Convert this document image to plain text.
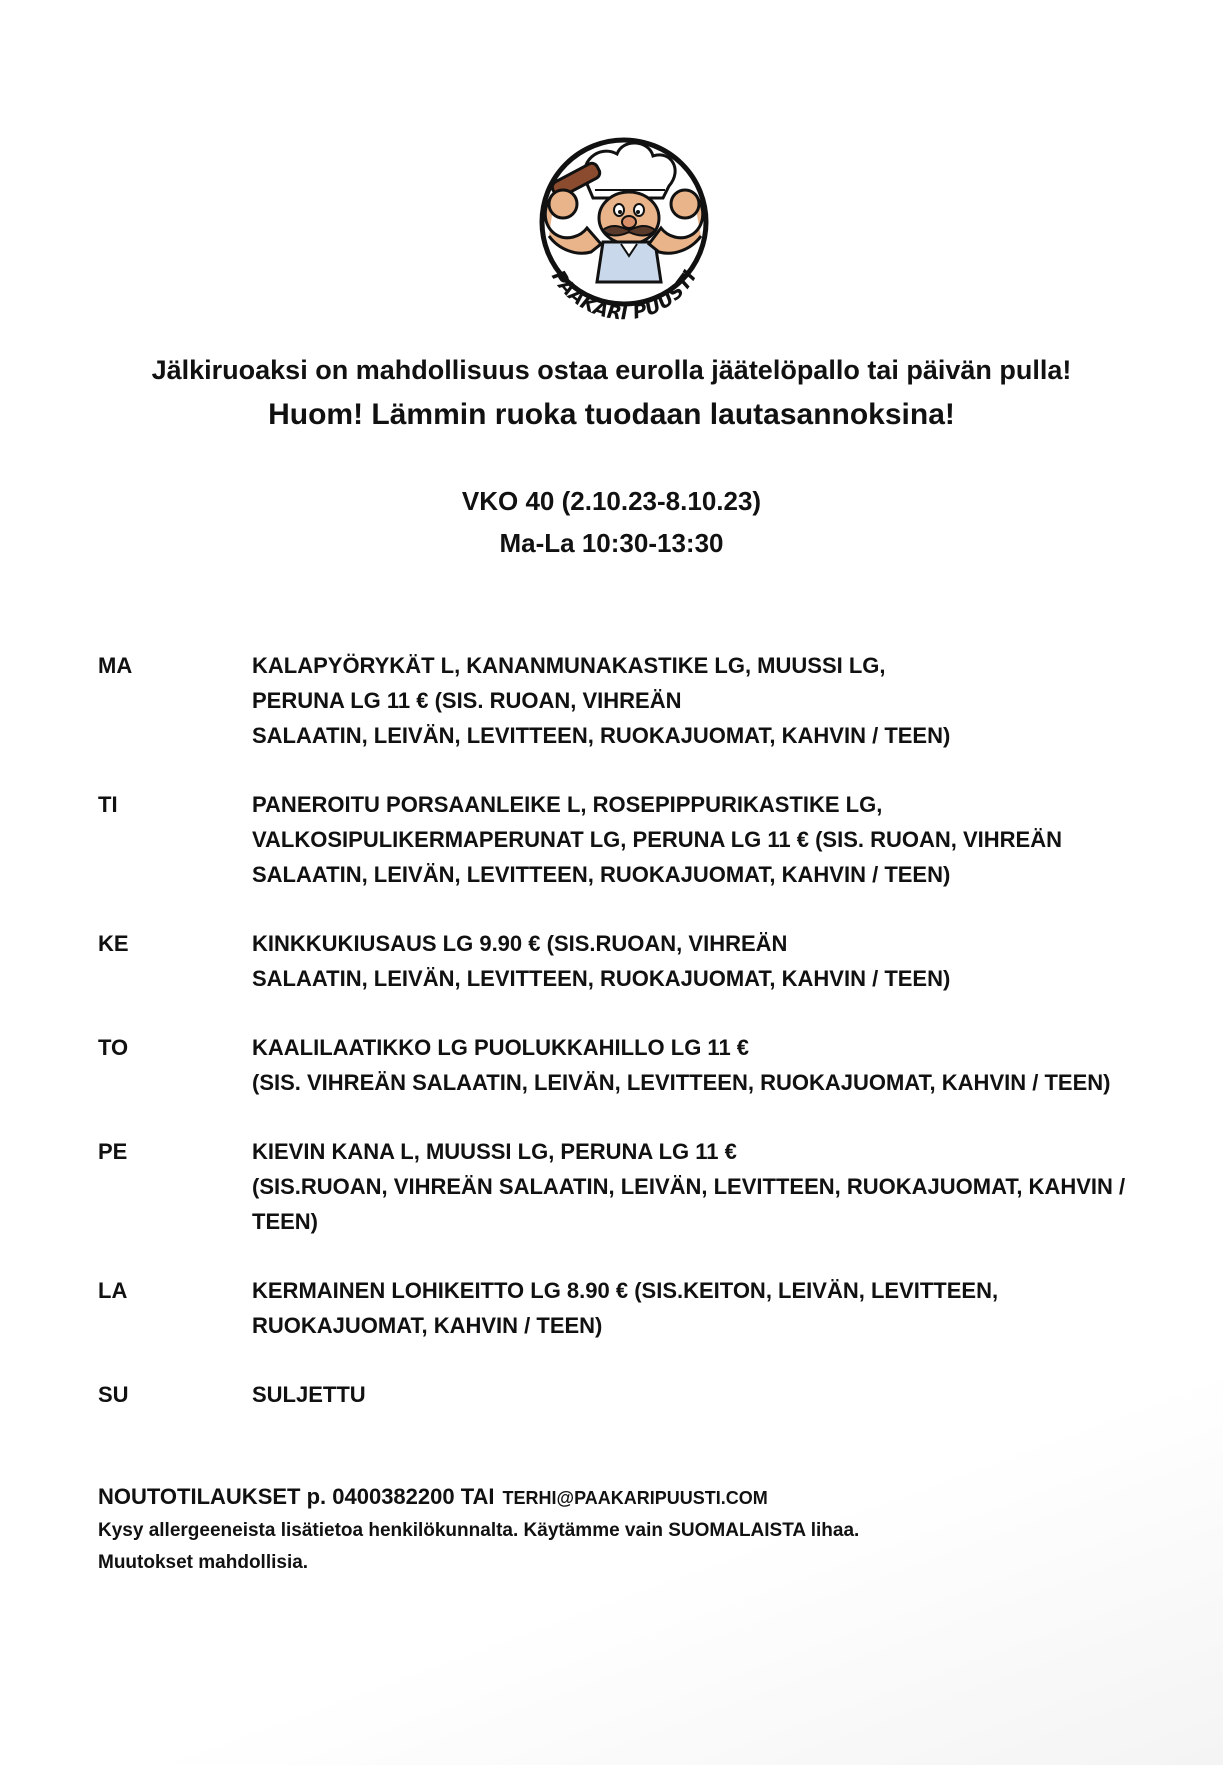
PAAKARI PUUSTI
Jälkiruoaksi on mahdollisuus ostaa eurolla jäätelöpallo tai päivän pulla!
Huom! Lämmin ruoka tuodaan lautasannoksina!
VKO 40 (2.10.23-8.10.23)
Ma-La 10:30-13:30
MA	KALAPYÖRYKÄT L, KANANMUNAKASTIKE LG, MUUSSI LG,
PERUNA LG 11 € (SIS. RUOAN, VIHREÄN
SALAATIN, LEIVÄN, LEVITTEEN, RUOKAJUOMAT, KAHVIN / TEEN)
TI	PANEROITU PORSAANLEIKE L, ROSEPIPPURIKASTIKE LG,
VALKOSIPULIKERMAPERUNAT LG, PERUNA LG 11 € (SIS. RUOAN, VIHREÄN
SALAATIN, LEIVÄN, LEVITTEEN, RUOKAJUOMAT, KAHVIN / TEEN)
KE	KINKKUKIUSAUS LG 9.90 € (SIS.RUOAN, VIHREÄN
SALAATIN, LEIVÄN, LEVITTEEN, RUOKAJUOMAT, KAHVIN / TEEN)
TO	KAALILAATIKKO LG PUOLUKKAHILLO LG 11 €
(SIS. VIHREÄN SALAATIN, LEIVÄN, LEVITTEEN, RUOKAJUOMAT, KAHVIN / TEEN)
PE	KIEVIN KANA L, MUUSSI LG, PERUNA LG 11 €
(SIS.RUOAN, VIHREÄN SALAATIN, LEIVÄN, LEVITTEEN, RUOKAJUOMAT, KAHVIN /
TEEN)
LA	KERMAINEN LOHIKEITTO LG 8.90 € (SIS.KEITON, LEIVÄN, LEVITTEEN,
RUOKAJUOMAT, KAHVIN / TEEN)
SU	SULJETTU
NOUTOTILAUKSET p. 0400382200 TAI TERHI@PAAKARIPUUSTI.COM
Kysy allergeeneista lisätietoa henkilökunnalta. Käytämme vain SUOMALAISTA lihaa.
Muutokset mahdollisia.
